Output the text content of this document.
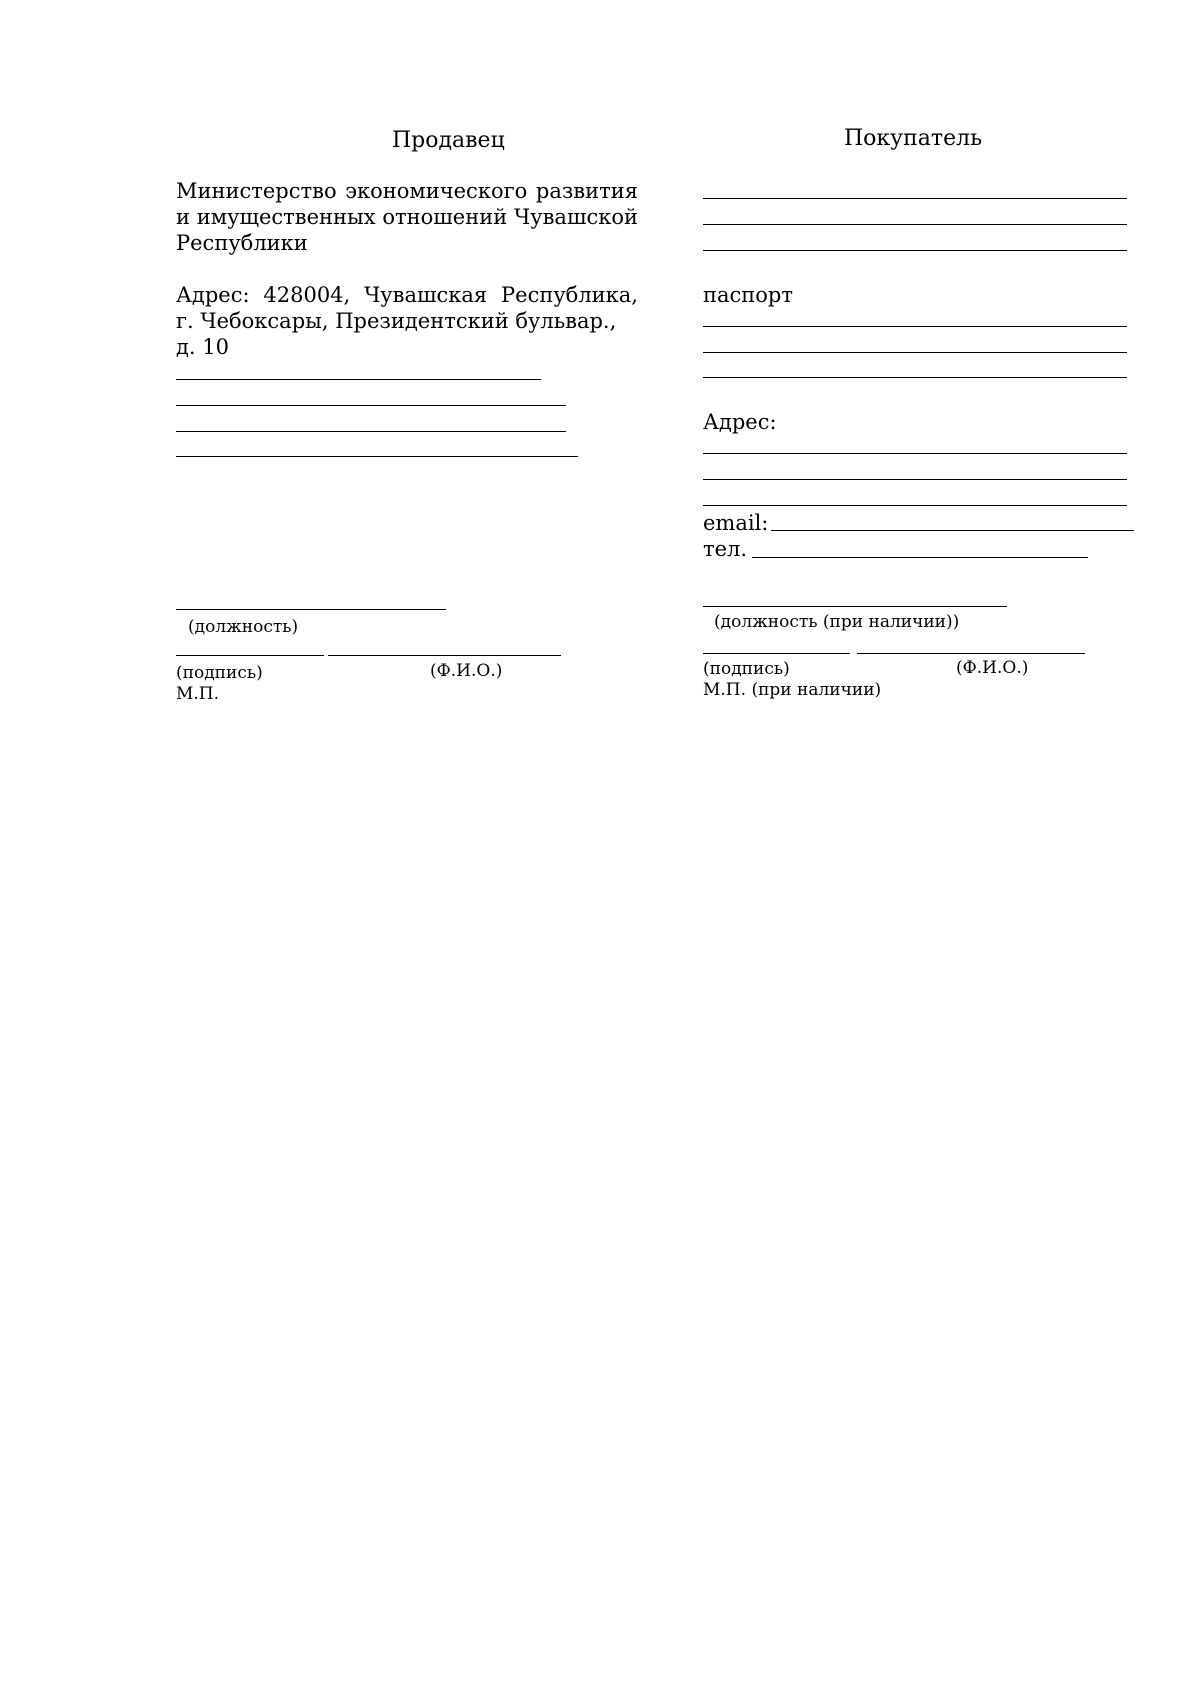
Продавец
Министерство экономического развития
и имущественных отношений Чувашской
Республики
Адрес: 428004, Чувашская Республика,
г. Чебоксары, Президентский бульвар., д. 10
(должность)
(подпись)	(Ф.И.О.)
М.П.
Покупатель
паспорт
Адрес:
email:
тел.
(должность (при наличии))
(подпись)	(Ф.И.О.)
М.П. (при наличии)
